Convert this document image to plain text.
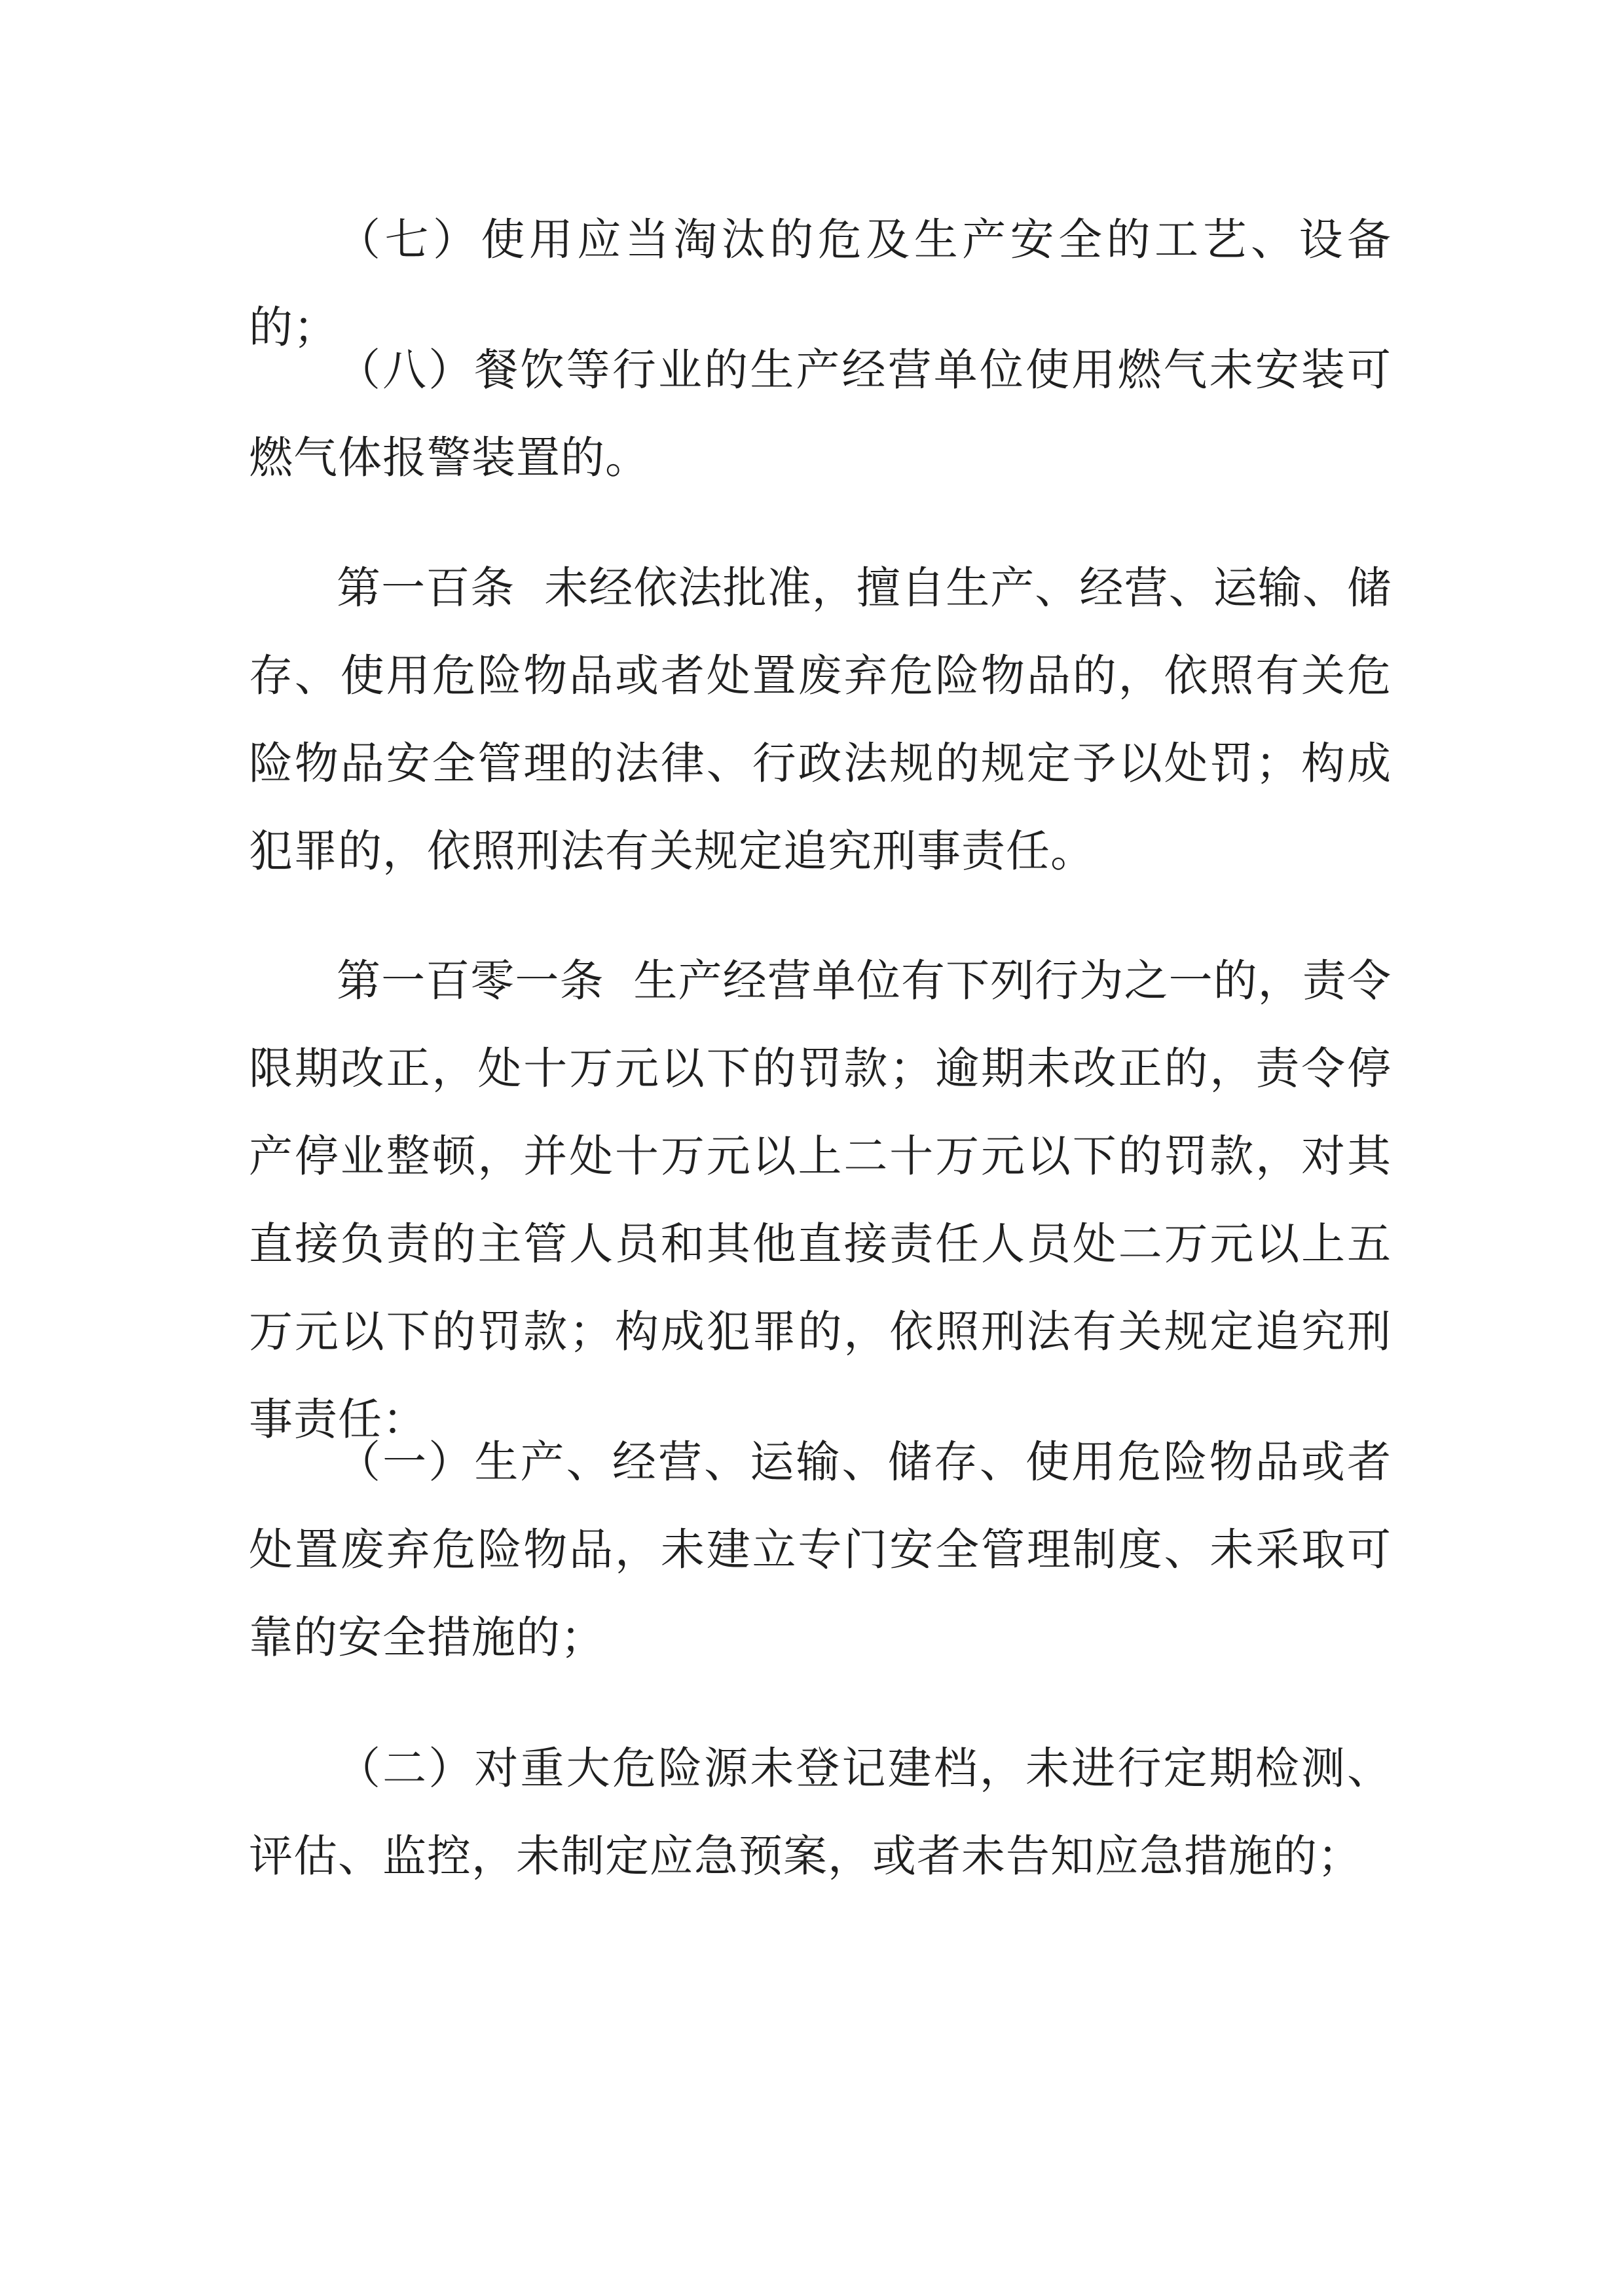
（七）使用应当淘汰的危及生产安全的工艺、设备的；

（八）餐饮等行业的生产经营单位使用燃气未安装可燃气体报警装置的。

第一百条 未经依法批准，擅自生产、经营、运输、储存、使用危险物品或者处置废弃危险物品的，依照有关危险物品安全管理的法律、行政法规的规定予以处罚；构成犯罪的，依照刑法有关规定追究刑事责任。

第一百零一条 生产经营单位有下列行为之一的，责令限期改正，处十万元以下的罚款；逾期未改正的，责令停产停业整顿，并处十万元以上二十万元以下的罚款，对其直接负责的主管人员和其他直接责任人员处二万元以上五万元以下的罚款；构成犯罪的，依照刑法有关规定追究刑事责任：

（一）生产、经营、运输、储存、使用危险物品或者处置废弃危险物品，未建立专门安全管理制度、未采取可靠的安全措施的；

（二）对重大危险源未登记建档，未进行定期检测、评估、监控，未制定应急预案，或者未告知应急措施的；
